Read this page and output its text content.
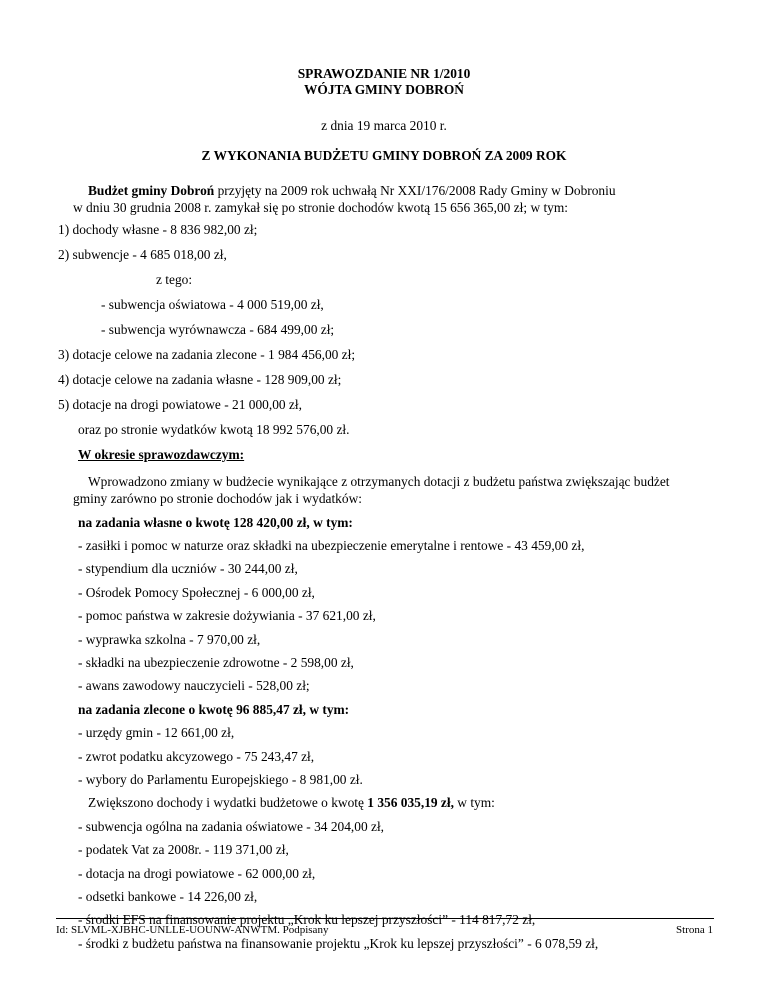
SPRAWOZDANIE NR 1/2010
WÓJTA GMINY DOBROŃ
z dnia 19 marca 2010 r.
Z WYKONANIA BUDŻETU GMINY DOBROŃ ZA 2009 ROK
Budżet gminy Dobroń przyjęty na 2009 rok uchwałą Nr XXI/176/2008 Rady Gminy w Dobroniu
w dniu 30 grudnia 2008 r. zamykał się po stronie dochodów kwotą 15 656 365,00 zł; w tym:
1) dochody własne - 8 836 982,00 zł;
2) subwencje - 4 685 018,00 zł,
z tego:
- subwencja oświatowa - 4 000 519,00 zł,
- subwencja wyrównawcza - 684 499,00 zł;
3) dotacje celowe na zadania zlecone - 1 984 456,00 zł;
4) dotacje celowe na zadania własne - 128 909,00 zł;
5) dotacje na drogi powiatowe - 21 000,00 zł,
oraz po stronie wydatków kwotą 18 992 576,00 zł.
W okresie sprawozdawczym:
Wprowadzono zmiany w budżecie wynikające z otrzymanych dotacji z budżetu państwa zwiększając budżet
gminy zarówno po stronie dochodów jak i wydatków:
na zadania własne o kwotę 128 420,00 zł, w tym:
- zasiłki i pomoc w naturze oraz składki na ubezpieczenie emerytalne i rentowe - 43 459,00 zł,
- stypendium dla uczniów - 30 244,00 zł,
- Ośrodek Pomocy Społecznej - 6 000,00 zł,
- pomoc państwa w zakresie dożywiania - 37 621,00 zł,
- wyprawka szkolna - 7 970,00 zł,
- składki na ubezpieczenie zdrowotne - 2 598,00 zł,
- awans zawodowy nauczycieli - 528,00 zł;
na zadania zlecone o kwotę 96 885,47 zł, w tym:
- urzędy gmin - 12 661,00 zł,
- zwrot podatku akcyzowego - 75 243,47 zł,
- wybory do Parlamentu Europejskiego - 8 981,00 zł.
Zwiększono dochody i wydatki budżetowe o kwotę 1 356 035,19 zł, w tym:
- subwencja ogólna na zadania oświatowe - 34 204,00 zł,
- podatek Vat za 2008r. - 119 371,00 zł,
- dotacja na drogi powiatowe - 62 000,00 zł,
- odsetki bankowe - 14 226,00 zł,
Id: SLVML-XJBHC-UNLLE-UOUNW-ANWTM. Podpisany	Strona 1
- środki EFS na finansowanie projektu „Krok ku lepszej przyszłości” - 114 817,72 zł,
- środki z budżetu państwa na finansowanie projektu „Krok ku lepszej przyszłości” - 6 078,59 zł,
